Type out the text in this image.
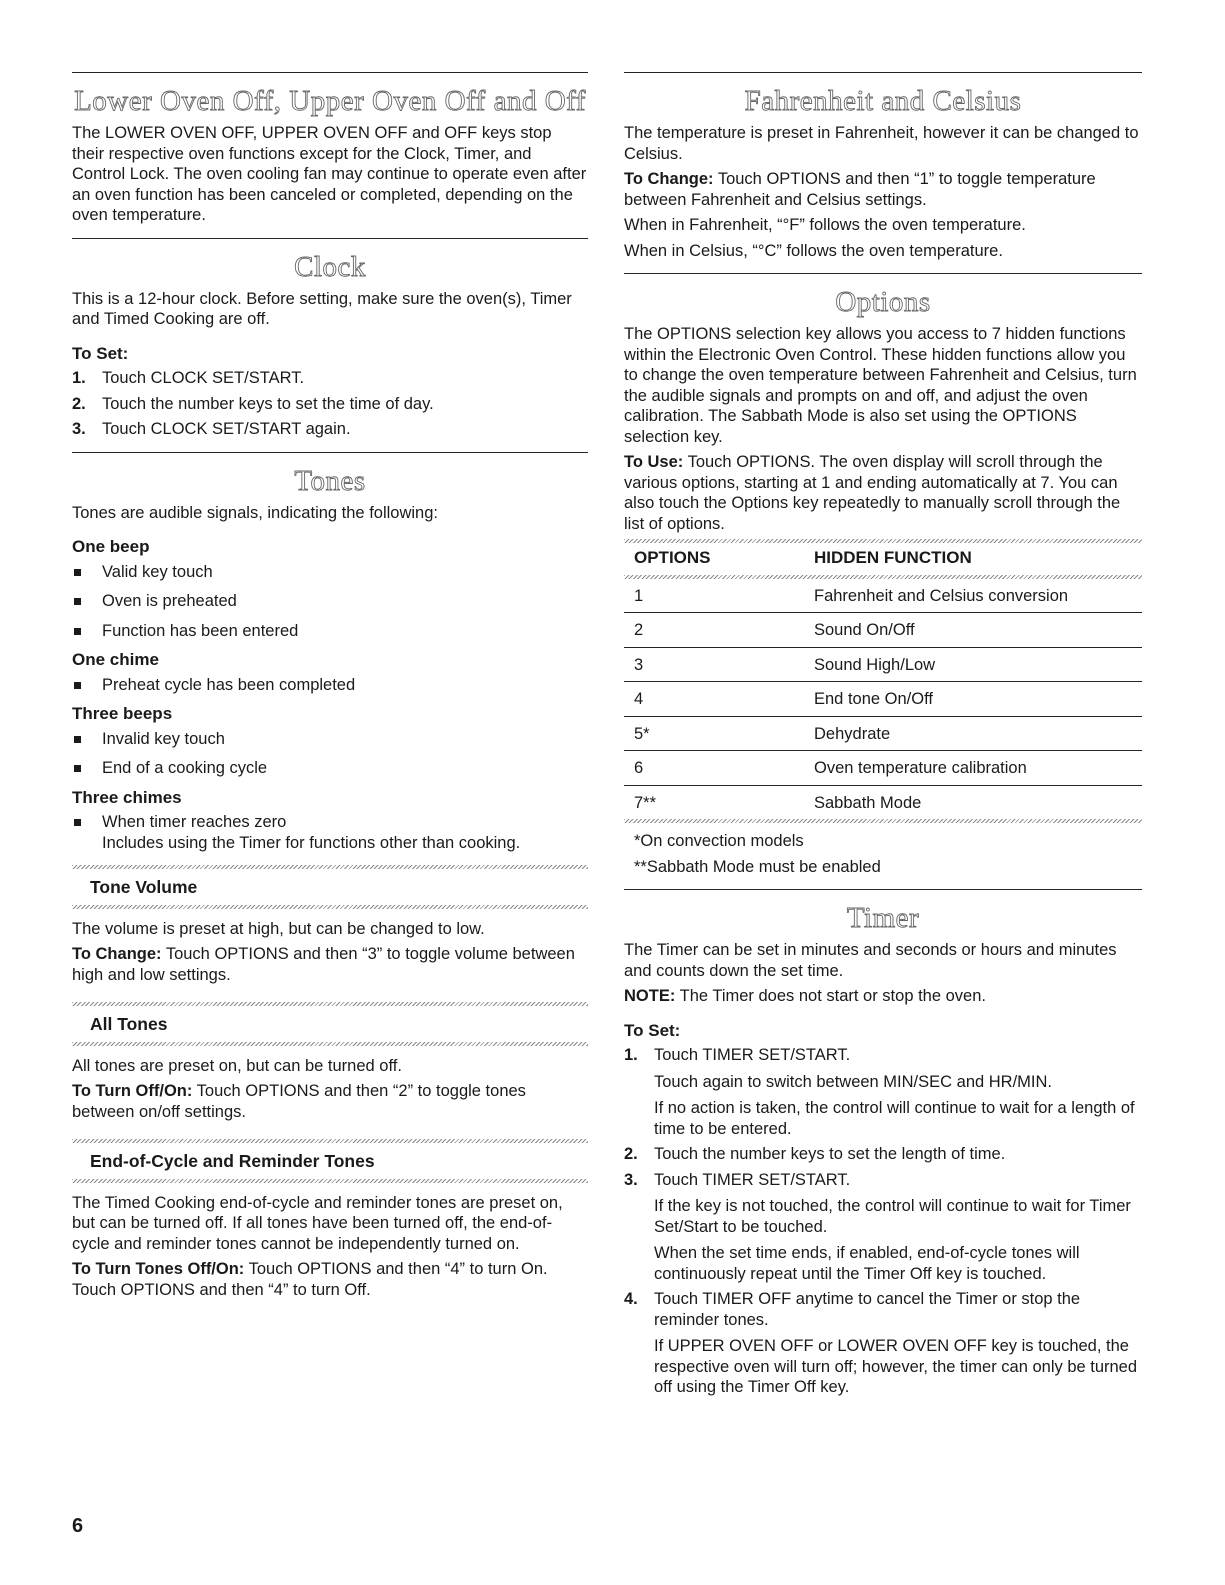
Lower Oven Off, Upper Oven Off and Off

The LOWER OVEN OFF, UPPER OVEN OFF and OFF keys stop their respective oven functions except for the Clock, Timer, and Control Lock. The oven cooling fan may continue to operate even after an oven function has been canceled or completed, depending on the oven temperature.

Clock

This is a 12-hour clock. Before setting, make sure the oven(s), Timer and Timed Cooking are off.

To Set:
1. Touch CLOCK SET/START.
2. Touch the number keys to set the time of day.
3. Touch CLOCK SET/START again.
Tones

Tones are audible signals, indicating the following:

One beep
Valid key touch
Oven is preheated
Function has been entered
One chime
Preheat cycle has been completed
Three beeps
Invalid key touch
End of a cooking cycle
Three chimes
When timer reaches zero
Includes using the Timer for functions other than cooking.
Tone Volume

The volume is preset at high, but can be changed to low.

To Change: Touch OPTIONS and then “3” to toggle volume between high and low settings.

All Tones

All tones are preset on, but can be turned off.

To Turn Off/On: Touch OPTIONS and then “2” to toggle tones between on/off settings.

End-of-Cycle and Reminder Tones

The Timed Cooking end-of-cycle and reminder tones are preset on, but can be turned off. If all tones have been turned off, the end-of-cycle and reminder tones cannot be independently turned on.

To Turn Tones Off/On: Touch OPTIONS and then “4” to turn On. Touch OPTIONS and then “4” to turn Off.

Fahrenheit and Celsius

The temperature is preset in Fahrenheit, however it can be changed to Celsius.

To Change: Touch OPTIONS and then “1” to toggle temperature between Fahrenheit and Celsius settings.

When in Fahrenheit, “°F” follows the oven temperature.

When in Celsius, “°C” follows the oven temperature.

Options

The OPTIONS selection key allows you access to 7 hidden functions within the Electronic Oven Control. These hidden functions allow you to change the oven temperature between Fahrenheit and Celsius, turn the audible signals and prompts on and off, and adjust the oven calibration. The Sabbath Mode is also set using the OPTIONS selection key.

To Use: Touch OPTIONS. The oven display will scroll through the various options, starting at 1 and ending automatically at 7. You can also touch the Options key repeatedly to manually scroll through the list of options.

OPTIONS	HIDDEN FUNCTION

1	Fahrenheit and Celsius conversion
2	Sound On/Off
3	Sound High/Low
4	End tone On/Off
5*	Dehydrate
6	Oven temperature calibration
7**	Sabbath Mode

*On convection models

**Sabbath Mode must be enabled

Timer

The Timer can be set in minutes and seconds or hours and minutes and counts down the set time.

NOTE: The Timer does not start or stop the oven.

To Set:
1. Touch TIMER SET/START.
Touch again to switch between MIN/SEC and HR/MIN.
If no action is taken, the control will continue to wait for a length of time to be entered.
2. Touch the number keys to set the length of time.
3. Touch TIMER SET/START.
If the key is not touched, the control will continue to wait for Timer Set/Start to be touched.
When the set time ends, if enabled, end-of-cycle tones will continuously repeat until the Timer Off key is touched.
4. Touch TIMER OFF anytime to cancel the Timer or stop the reminder tones.
If UPPER OVEN OFF or LOWER OVEN OFF key is touched, the respective oven will turn off; however, the timer can only be turned off using the Timer Off key.
6
